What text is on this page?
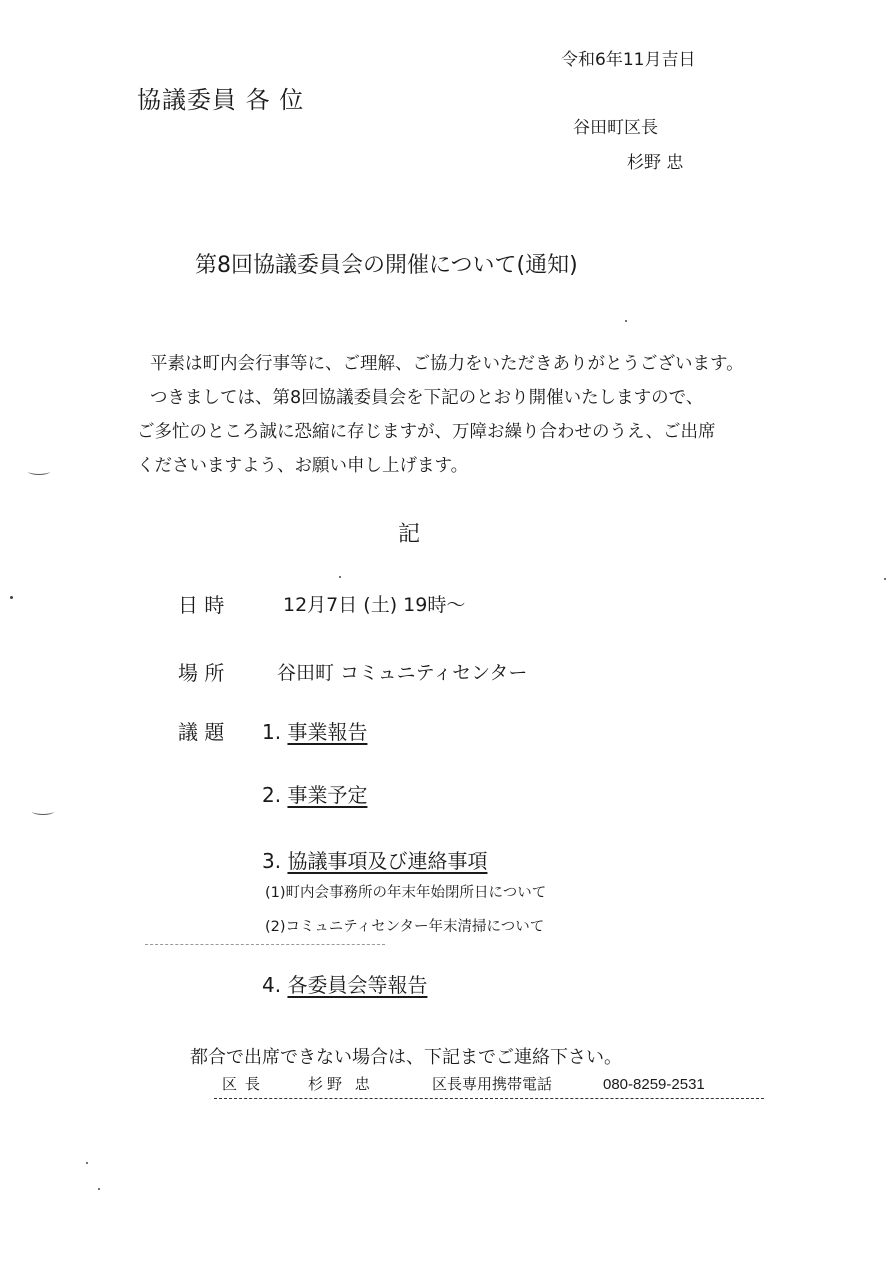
令和6年11月吉日
協議委員 各 位
谷田町区長
杉野 忠
第8回協議委員会の開催について(通知)
平素は町内会行事等に、ご理解、ご協力をいただきありがとうございます。
つきましては、第8回協議委員会を下記のとおり開催いたしますので、
ご多忙のところ誠に恐縮に存じますが、万障お繰り合わせのうえ、ご出席
くださいますよう、お願い申し上げます。
記
日 時	12月7日 (土) 19時～
場 所	谷田町 コミュニティセンター
議 題 1. 事業報告
2. 事業予定
3. 協議事項及び連絡事項
(1)町内会事務所の年末年始閉所日について
(2)コミュニティセンター年末清掃について
4. 各委員会等報告
都合で出席できない場合は、下記までご連絡下さい。
区長	杉野 忠	区長専用携帯電話	080-8259-2531
